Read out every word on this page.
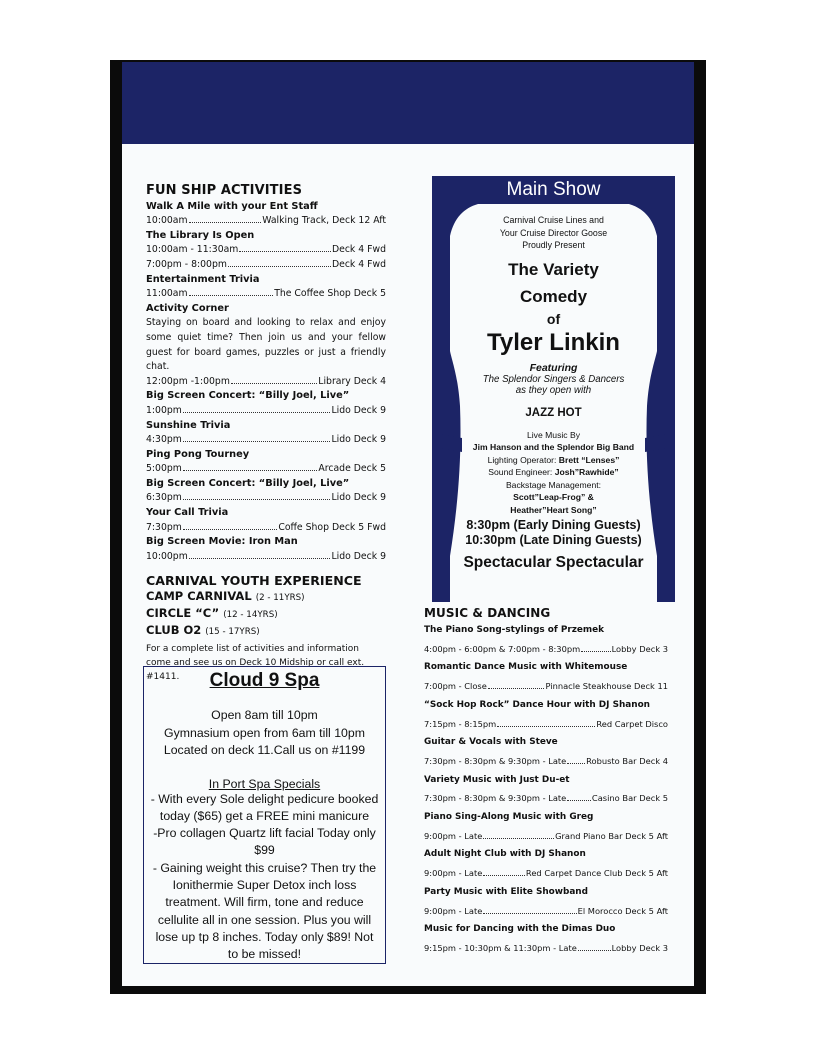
FUN SHIP ACTIVITIES
Walk A Mile with your Ent Staff
10:00am	Walking Track, Deck 12 Aft
The Library Is Open
10:00am - 11:30am	Deck 4 Fwd
7:00pm - 8:00pm	Deck 4 Fwd
Entertainment Trivia
11:00am	The Coffee Shop Deck 5
Activity Corner
Staying on board and looking to relax and enjoy some quiet time? Then join us and your fellow guest for board games, puzzles or just a friendly chat.
12:00pm -1:00pm	Library Deck 4
Big Screen Concert: “Billy Joel, Live”
1:00pm	Lido Deck 9
Sunshine Trivia
4:30pm	Lido Deck 9
Ping Pong Tourney
5:00pm	Arcade Deck 5
Big Screen Concert: “Billy Joel, Live”
6:30pm	Lido Deck 9
Your Call Trivia
7:30pm	Coffe Shop Deck 5 Fwd
Big Screen Movie: Iron Man
10:00pm	Lido Deck 9
CARNIVAL YOUTH EXPERIENCE
CAMP CARNIVAL (2 - 11YRS)
CIRCLE “C” (12 - 14YRS)
CLUB O2 (15 - 17YRS)
For a complete list of activities and information come and see us on Deck 10 Midship or call ext. #1411.	Cloud 9 Spa
Open 8am till 10pm
Gymnasium open from 6am till 10pm
Located on deck 11.Call us on #1199
In Port Spa Specials
- With every Sole delight pedicure booked today ($65) get a FREE mini manicure
-Pro collagen Quartz lift facial Today only $99
- Gaining weight this cruise? Then try the Ionithermie Super Detox inch loss treatment. Will firm, tone and reduce cellulite all in one session. Plus you will lose up tp 8 inches. Today only $89! Not to be missed!
Main Show
Carnival Cruise Lines and
Your Cruise Director Goose
Proudly Present
The Variety
Comedy
of
Tyler Linkin
Featuring
The Splendor Singers & Dancers
as they open with
JAZZ HOT
Live Music By
Jim Hanson and the Splendor Big Band
Lighting Operator: Brett “Lenses”
Sound Engineer: Josh”Rawhide”
Backstage Management:
Scott”Leap-Frog” &
Heather”Heart Song”
8:30pm (Early Dining Guests)
10:30pm (Late Dining Guests)
Spectacular Spectacular
MUSIC & DANCING
The Piano Song-stylings of Przemek
4:00pm - 6:00pm & 7:00pm - 8:30pm	Lobby Deck 3
Romantic Dance Music with Whitemouse
7:00pm - Close	Pinnacle Steakhouse Deck 11
“Sock Hop Rock” Dance Hour with DJ Shanon
7:15pm - 8:15pm	Red Carpet Disco
Guitar & Vocals with Steve
7:30pm - 8:30pm & 9:30pm - Late Robusto Bar Deck 4
Variety Music with Just Du-et
7:30pm - 8:30pm & 9:30pm - Late	Casino Bar Deck 5
Piano Sing-Along Music with Greg
9:00pm - Late	Grand Piano Bar Deck 5 Aft
Adult Night Club with DJ Shanon
9:00pm - Late	Red Carpet Dance Club Deck 5 Aft
Party Music with Elite Showband
9:00pm - Late	El Morocco Deck 5 Aft
Music for Dancing with the Dimas Duo
9:15pm - 10:30pm & 11:30pm - Late	Lobby Deck 3
